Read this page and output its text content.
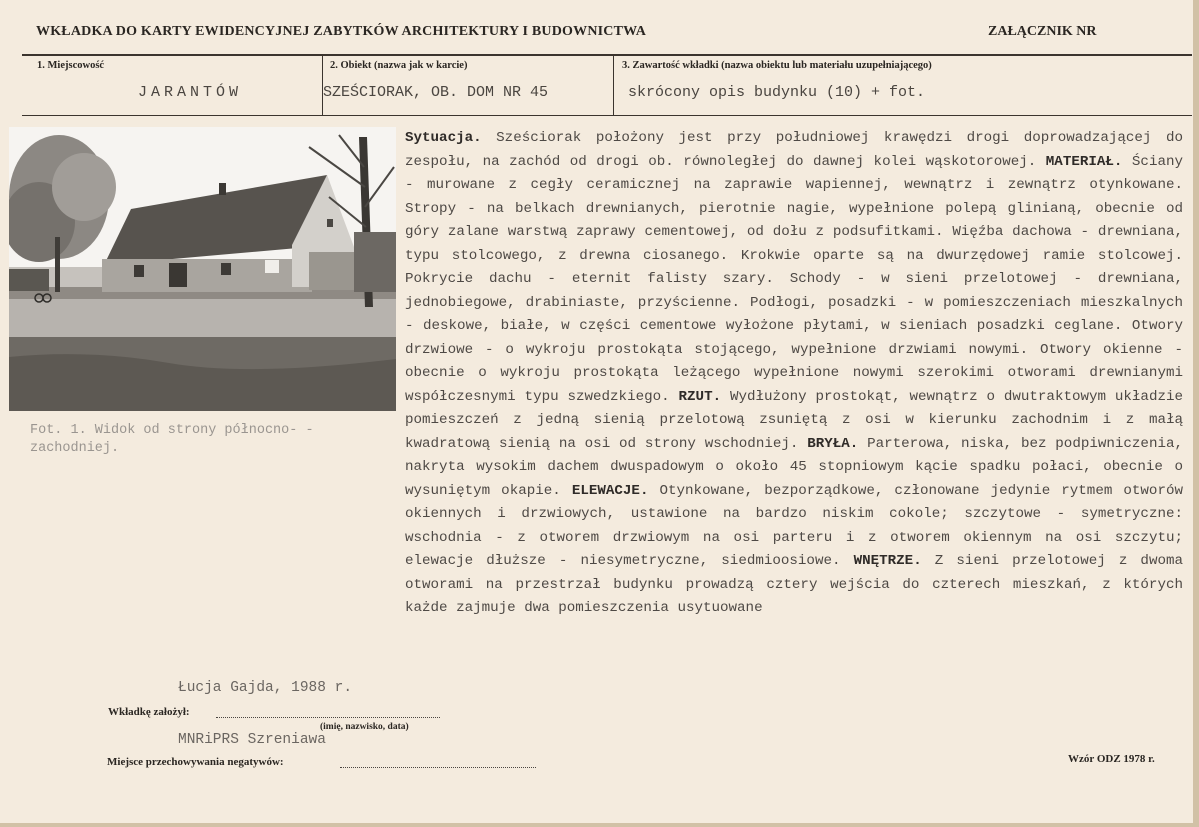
WKŁADKA DO KARTY EWIDENCYJNEJ ZABYTKÓW ARCHITEKTURY I BUDOWNICTWA	ZAŁĄCZNIK NR
1. Miejscowość
JARANTÓW
2. Obiekt (nazwa jak w karcie)
SZEŚCIORAK, OB. DOM NR 45
3. Zawartość wkładki (nazwa obiektu lub materiału uzupełniającego)
skrócony opis budynku (10) + fot.
Fot. 1. Widok od strony północno- -zachodniej.
Sytuacja. Sześciorak położony jest przy południowej krawędzi drogi doprowadzającej do zespołu, na zachód od drogi ob. równoległej do dawnej kolei wąskotorowej. MATERIAŁ. Ściany - murowane z cegły ceramicznej na zaprawie wapiennej, wewnątrz i zewnątrz otynkowane. Stropy - na belkach drewnianych, pierotnie nagie, wypełnione polepą glinianą, obecnie od góry zalane warstwą zaprawy cementowej, od dołu z podsufitkami. Więźba dachowa - drewniana, typu stolcowego, z drewna ciosanego. Krokwie oparte są na dwurzędowej ramie stolcowej. Pokrycie dachu - eternit falisty szary. Schody - w sieni przelotowej - drewniana, jednobiegowe, drabiniaste, przyścienne. Podłogi, posadzki - w pomieszczeniach mieszkalnych - deskowe, białe, w części cementowe wyłożone płytami, w sieniach posadzki ceglane. Otwory drzwiowe - o wykroju prostokąta stojącego, wypełnione drzwiami nowymi. Otwory okienne - obecnie o wykroju prostokąta leżącego wypełnione nowymi szerokimi otworami drewnianymi współczesnymi typu szwedzkiego. RZUT. Wydłużony prostokąt, wewnątrz o dwutraktowym układzie pomieszczeń z jedną sienią przelotową zsuniętą z osi w kierunku zachodnim i z małą kwadratową sienią na osi od strony wschodniej. BRYŁA. Parterowa, niska, bez podpiwniczenia, nakryta wysokim dachem dwuspadowym o około 45 stopniowym kącie spadku połaci, obecnie o wysuniętym okapie. ELEWACJE. Otynkowane, bezporządkowe, członowane jedynie rytmem otworów okiennych i drzwiowych, ustawione na bardzo niskim cokole; szczytowe - symetryczne: wschodnia - z otworem drzwiowym na osi parteru i z otworem okiennym na osi szczytu; elewacje dłuższe - niesymetryczne, siedmioosiowe. WNĘTRZE. Z sieni przelotowej z dwoma otworami na przestrzał budynku prowadzą cztery wejścia do czterech mieszkań, z których każde zajmuje dwa pomieszczenia usytuowane
Łucja Gajda, 1988 r.
Wkładkę założył:
(imię, nazwisko, data)
MNRiPRS Szreniawa
Miejsce przechowywania negatywów:	Wzór ODZ 1978 r.
